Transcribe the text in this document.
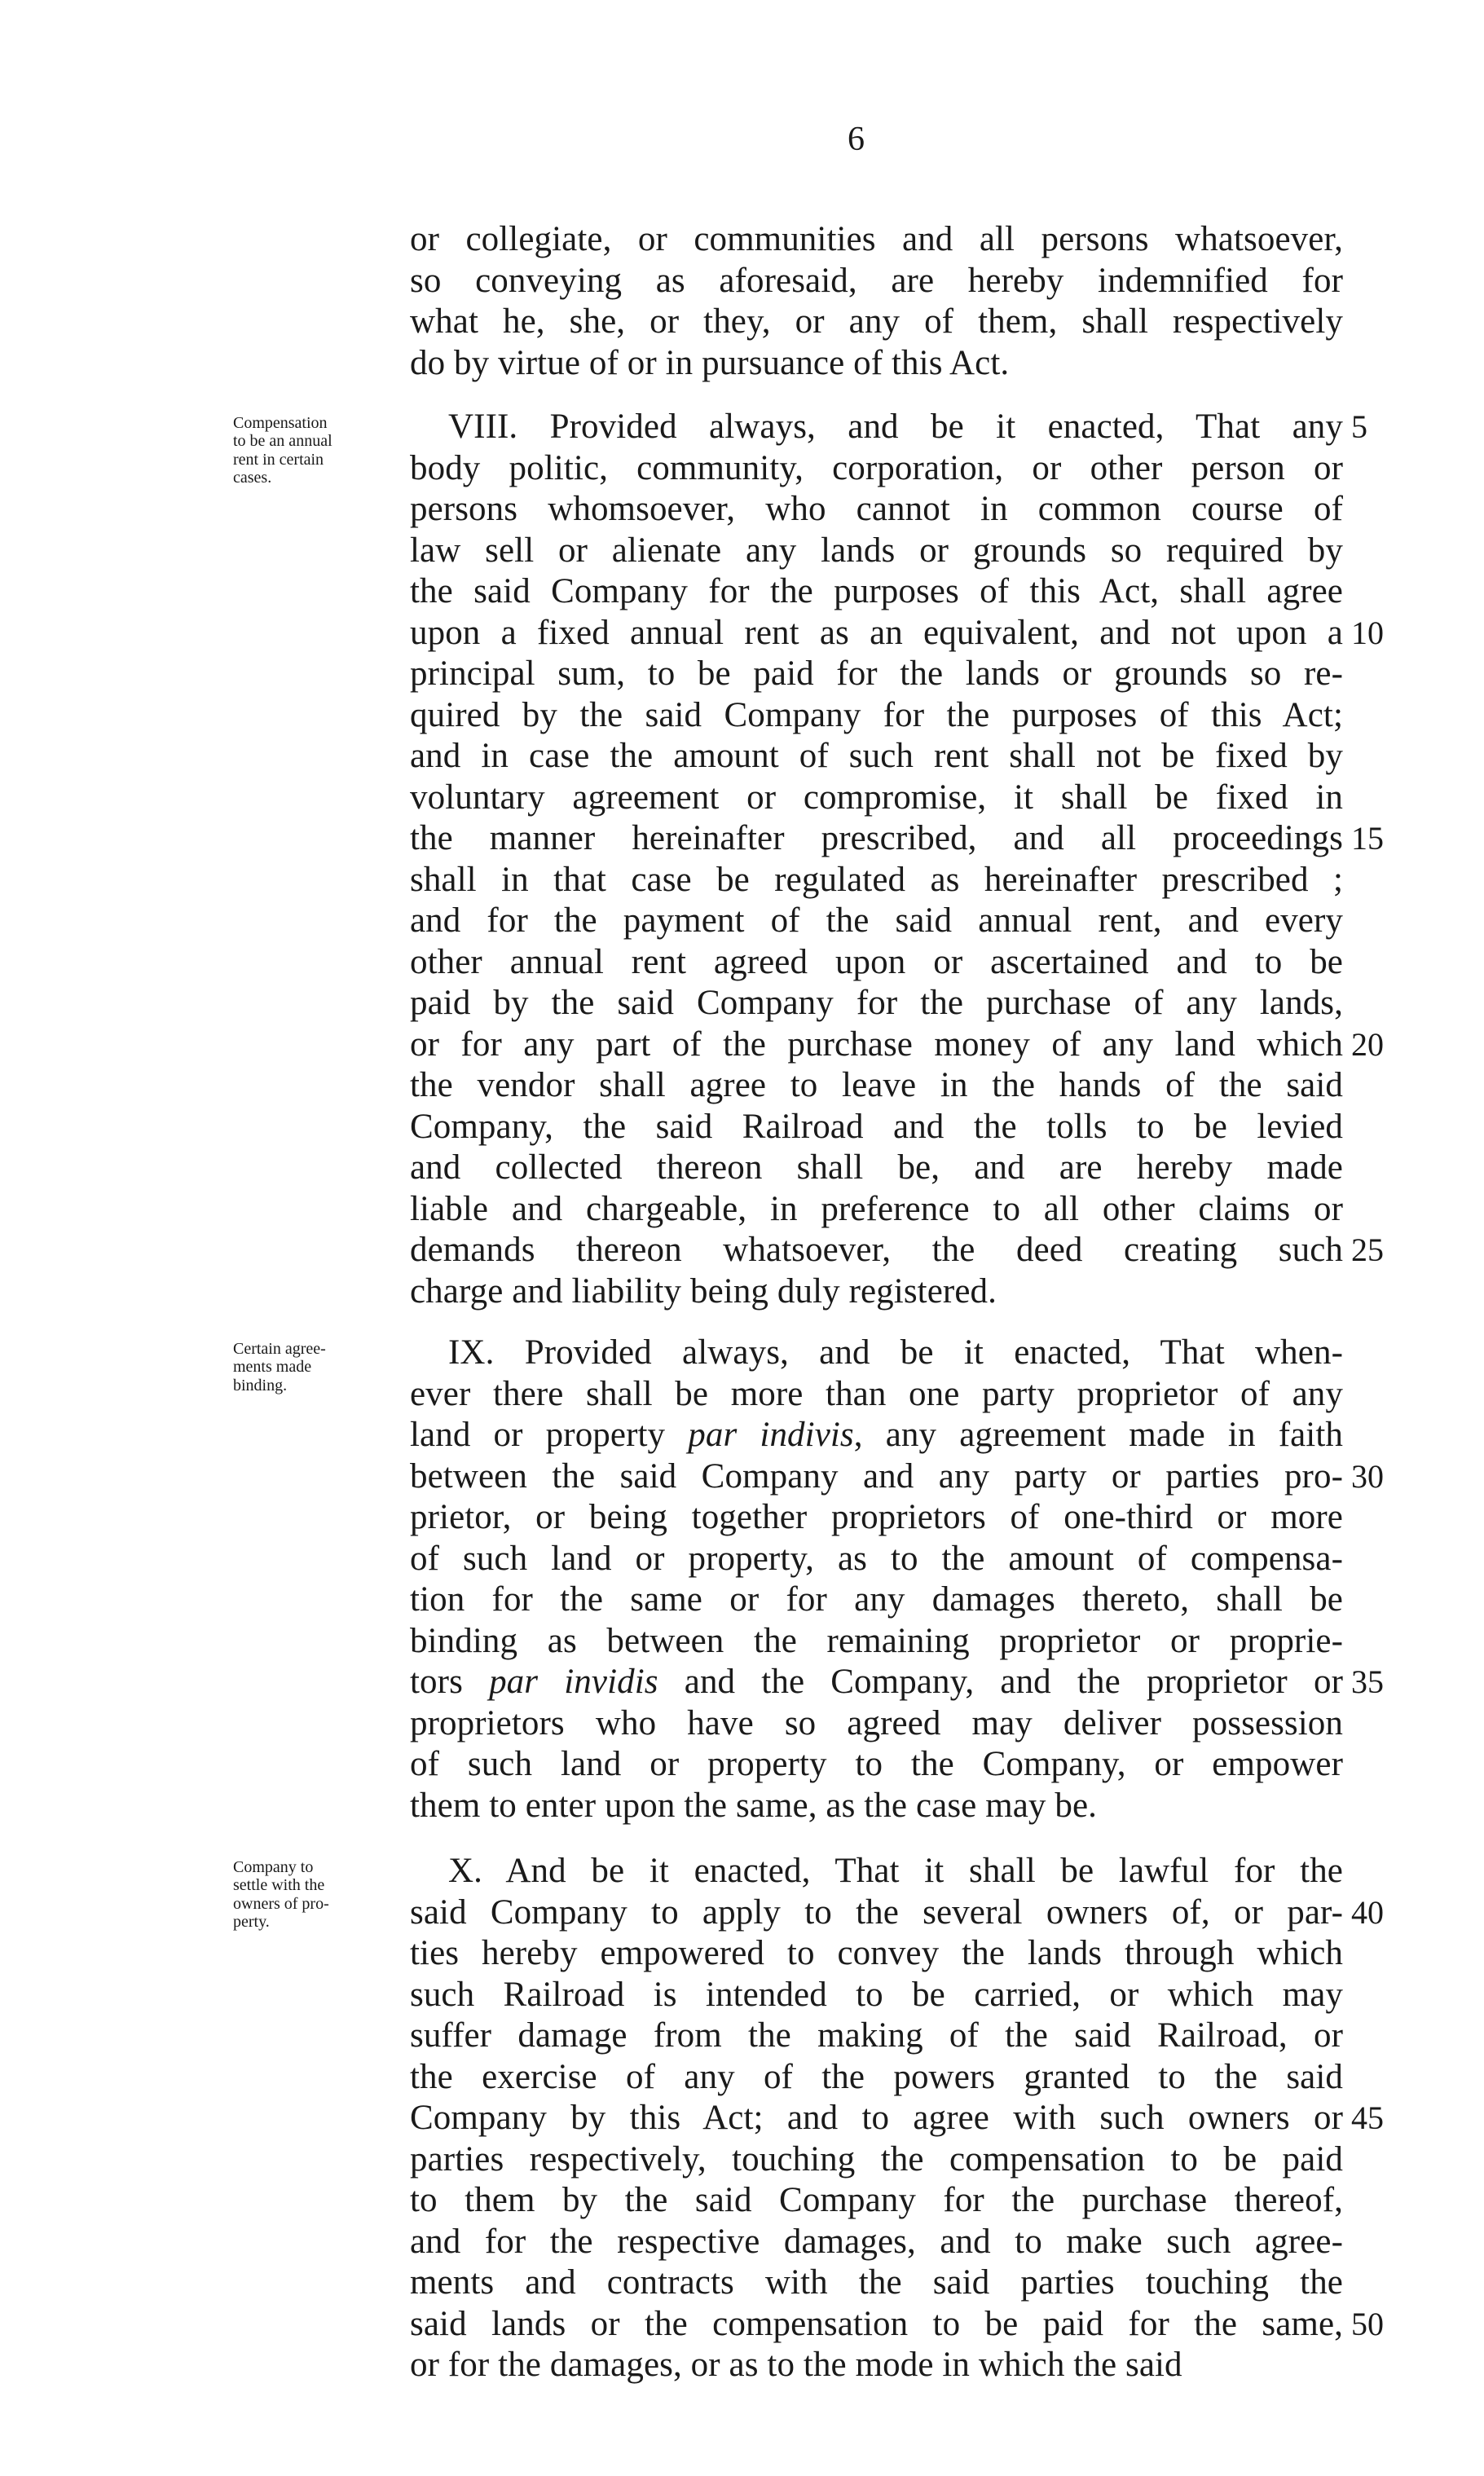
6
or collegiate, or communities and all persons whatsoever,
so conveying as aforesaid, are hereby indemnified for
what he, she, or they, or any of them, shall respectively
do by virtue of or in pursuance of this Act.
Compensation
to be an annual
rent in certain
cases.
VIII. Provided always, and be it enacted, That any 5
body politic, community, corporation, or other person or
persons whomsoever, who cannot in common course of
law sell or alienate any lands or grounds so required by
the said Company for the purposes of this Act, shall agree
upon a fixed annual rent as an equivalent, and not upon a 10
principal sum, to be paid for the lands or grounds so re-
quired by the said Company for the purposes of this Act;
and in case the amount of such rent shall not be fixed by
voluntary agreement or compromise, it shall be fixed in
the manner hereinafter prescribed, and all proceedings 15
shall in that case be regulated as hereinafter prescribed ;
and for the payment of the said annual rent, and every
other annual rent agreed upon or ascertained and to be
paid by the said Company for the purchase of any lands,
or for any part of the purchase money of any land which 20
the vendor shall agree to leave in the hands of the said
Company, the said Railroad and the tolls to be levied
and collected thereon shall be, and are hereby made
liable and chargeable, in preference to all other claims or
demands thereon whatsoever, the deed creating such 25
charge and liability being duly registered.
Certain agree-
ments made
binding.
IX. Provided always, and be it enacted, That when-
ever there shall be more than one party proprietor of any
land or property par indivis, any agreement made in faith
between the said Company and any party or parties pro- 30
prietor, or being together proprietors of one-third or more
of such land or property, as to the amount of compensa-
tion for the same or for any damages thereto, shall be
binding as between the remaining proprietor or proprie-
tors par invidis and the Company, and the proprietor or 35
proprietors who have so agreed may deliver possession
of such land or property to the Company, or empower
them to enter upon the same, as the case may be.
Company to
settle with the
owners of pro-
perty.
X. And be it enacted, That it shall be lawful for the
said Company to apply to the several owners of, or par- 40
ties hereby empowered to convey the lands through which
such Railroad is intended to be carried, or which may
suffer damage from the making of the said Railroad, or
the exercise of any of the powers granted to the said
Company by this Act; and to agree with such owners or 45
parties respectively, touching the compensation to be paid
to them by the said Company for the purchase thereof,
and for the respective damages, and to make such agree-
ments and contracts with the said parties touching the
said lands or the compensation to be paid for the same, 50
or for the damages, or as to the mode in which the said
